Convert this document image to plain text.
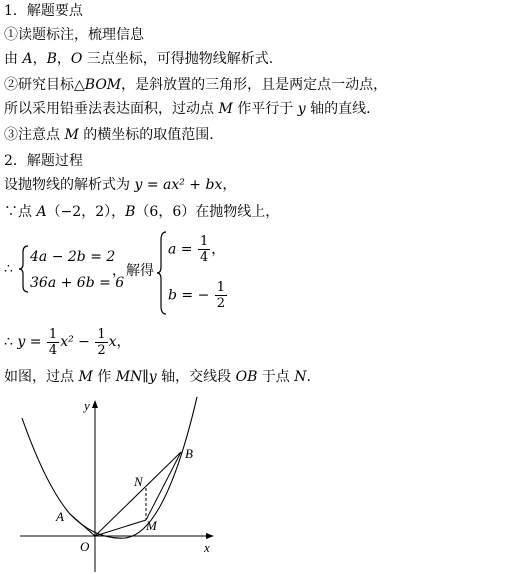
1．解题要点
①读题标注，梳理信息
由 A，B，O 三点坐标，可得抛物线解析式.
②研究目标△BOM，是斜放置的三角形，且是两定点一动点，
所以采用铅垂法表达面积，过动点 M 作平行于 y 轴的直线.
③注意点 M 的横坐标的取值范围.
2．解题过程
设抛物线的解析式为 y = ax² + bx，
∵点 A（−2，2），B（6，6）在抛物线上，
∴
4a − 2b = 2
36a + 6b = 6
，解得
$a = \frac{1}{4}$ ，
b = − $\frac{1}{2}$
∴ $y = \frac{1}{4} x^2 - \frac{1}{2}$ x，
如图，过点 M 作 MN∥y 轴，交线段 OB 于点 N.
y
x
O
A
B
N
M
